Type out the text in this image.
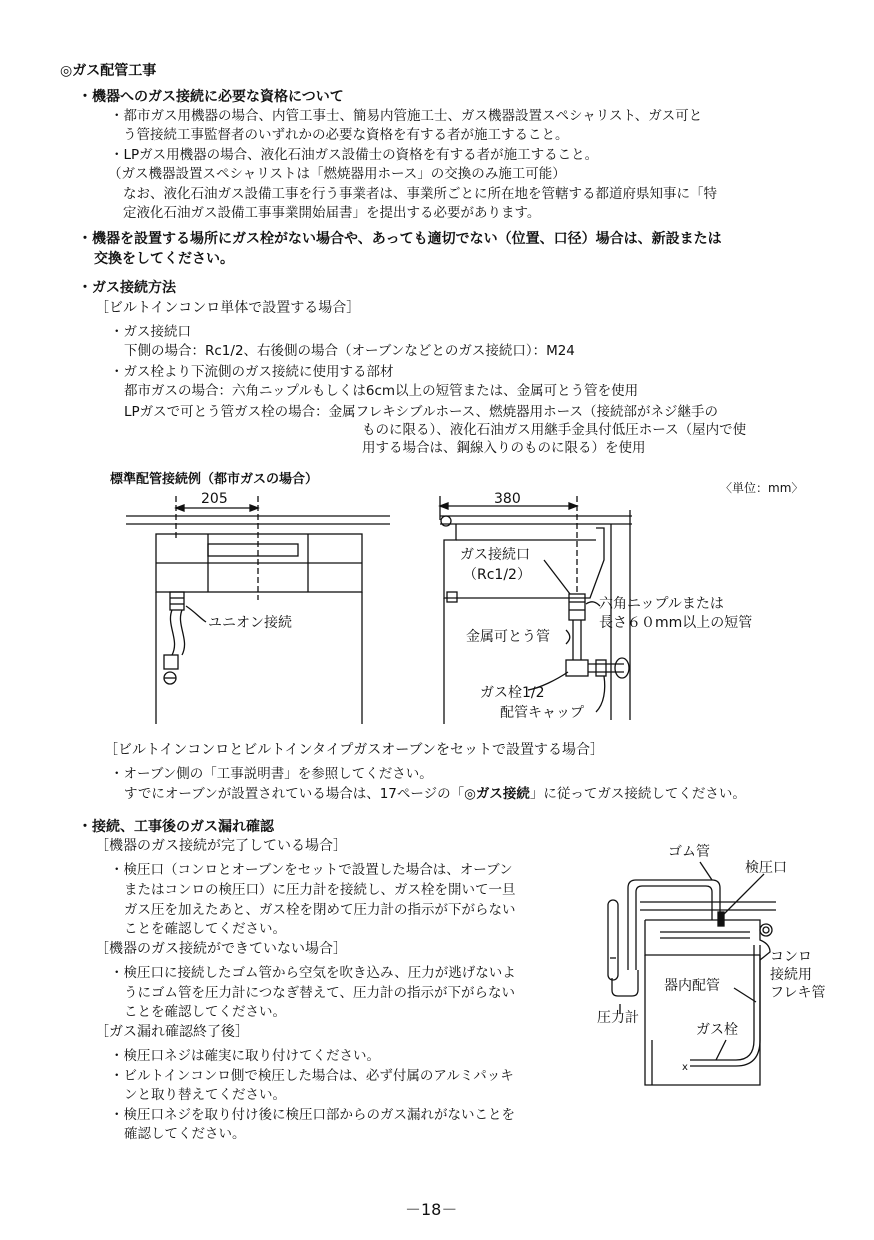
◎ガス配管工事
・機器へのガス接続に必要な資格について
・都市ガス用機器の場合、内管工事士、簡易内管施工士、ガス機器設置スペシャリスト、ガス可と
う管接続工事監督者のいずれかの必要な資格を有する者が施工すること。
・LPガス用機器の場合、液化石油ガス設備士の資格を有する者が施工すること。
（ガス機器設置スペシャリストは「燃焼器用ホース」の交換のみ施工可能）
なお、液化石油ガス設備工事を行う事業者は、事業所ごとに所在地を管轄する都道府県知事に「特
定液化石油ガス設備工事事業開始届書」を提出する必要があります。
・機器を設置する場所にガス栓がない場合や、あっても適切でない（位置、口径）場合は、新設または
交換をしてください。
・ガス接続方法
［ビルトインコンロ単体で設置する場合］
・ガス接続口
下側の場合：Rc1/2、右後側の場合（オーブンなどとのガス接続口）：M24
・ガス栓より下流側のガス接続に使用する部材
都市ガスの場合：六角ニップルもしくは6cm以上の短管または、金属可とう管を使用
LPガスで可とう管ガス栓の場合：金属フレキシブルホース、燃焼器用ホース（接続部がネジ継手の
ものに限る）、液化石油ガス用継手金具付低圧ホース（屋内で使
用する場合は、鋼線入りのものに限る）を使用
標準配管接続例（都市ガスの場合）
〈単位：mm〉
205	380
ユニオン接続
ガス接続口
（Rc1/2）
六角ニップルまたは
長さ６０mm以上の短管
金属可とう管
ガス栓1/2
配管キャップ
［ビルトインコンロとビルトインタイプガスオーブンをセットで設置する場合］
・オーブン側の「工事説明書」を参照してください。
すでにオーブンが設置されている場合は、17ページの「◎ガス接続」に従ってガス接続してください。
・接続、工事後のガス漏れ確認
［機器のガス接続が完了している場合］
・検圧口（コンロとオーブンをセットで設置した場合は、オーブン
またはコンロの検圧口）に圧力計を接続し、ガス栓を開いて一旦
ガス圧を加えたあと、ガス栓を閉めて圧力計の指示が下がらない
ことを確認してください。
［機器のガス接続ができていない場合］
・検圧口に接続したゴム管から空気を吹き込み、圧力が逃げないよ
うにゴム管を圧力計につなぎ替えて、圧力計の指示が下がらない
ことを確認してください。
［ガス漏れ確認終了後］
・検圧口ネジは確実に取り付けてください。
・ビルトインコンロ側で検圧した場合は、必ず付属のアルミパッキ
ンと取り替えてください。
・検圧口ネジを取り付け後に検圧口部からのガス漏れがないことを
確認してください。
x
ゴム管
検圧口
コンロ
接続用
フレキ管
器内配管
圧力計
ガス栓
－18－
